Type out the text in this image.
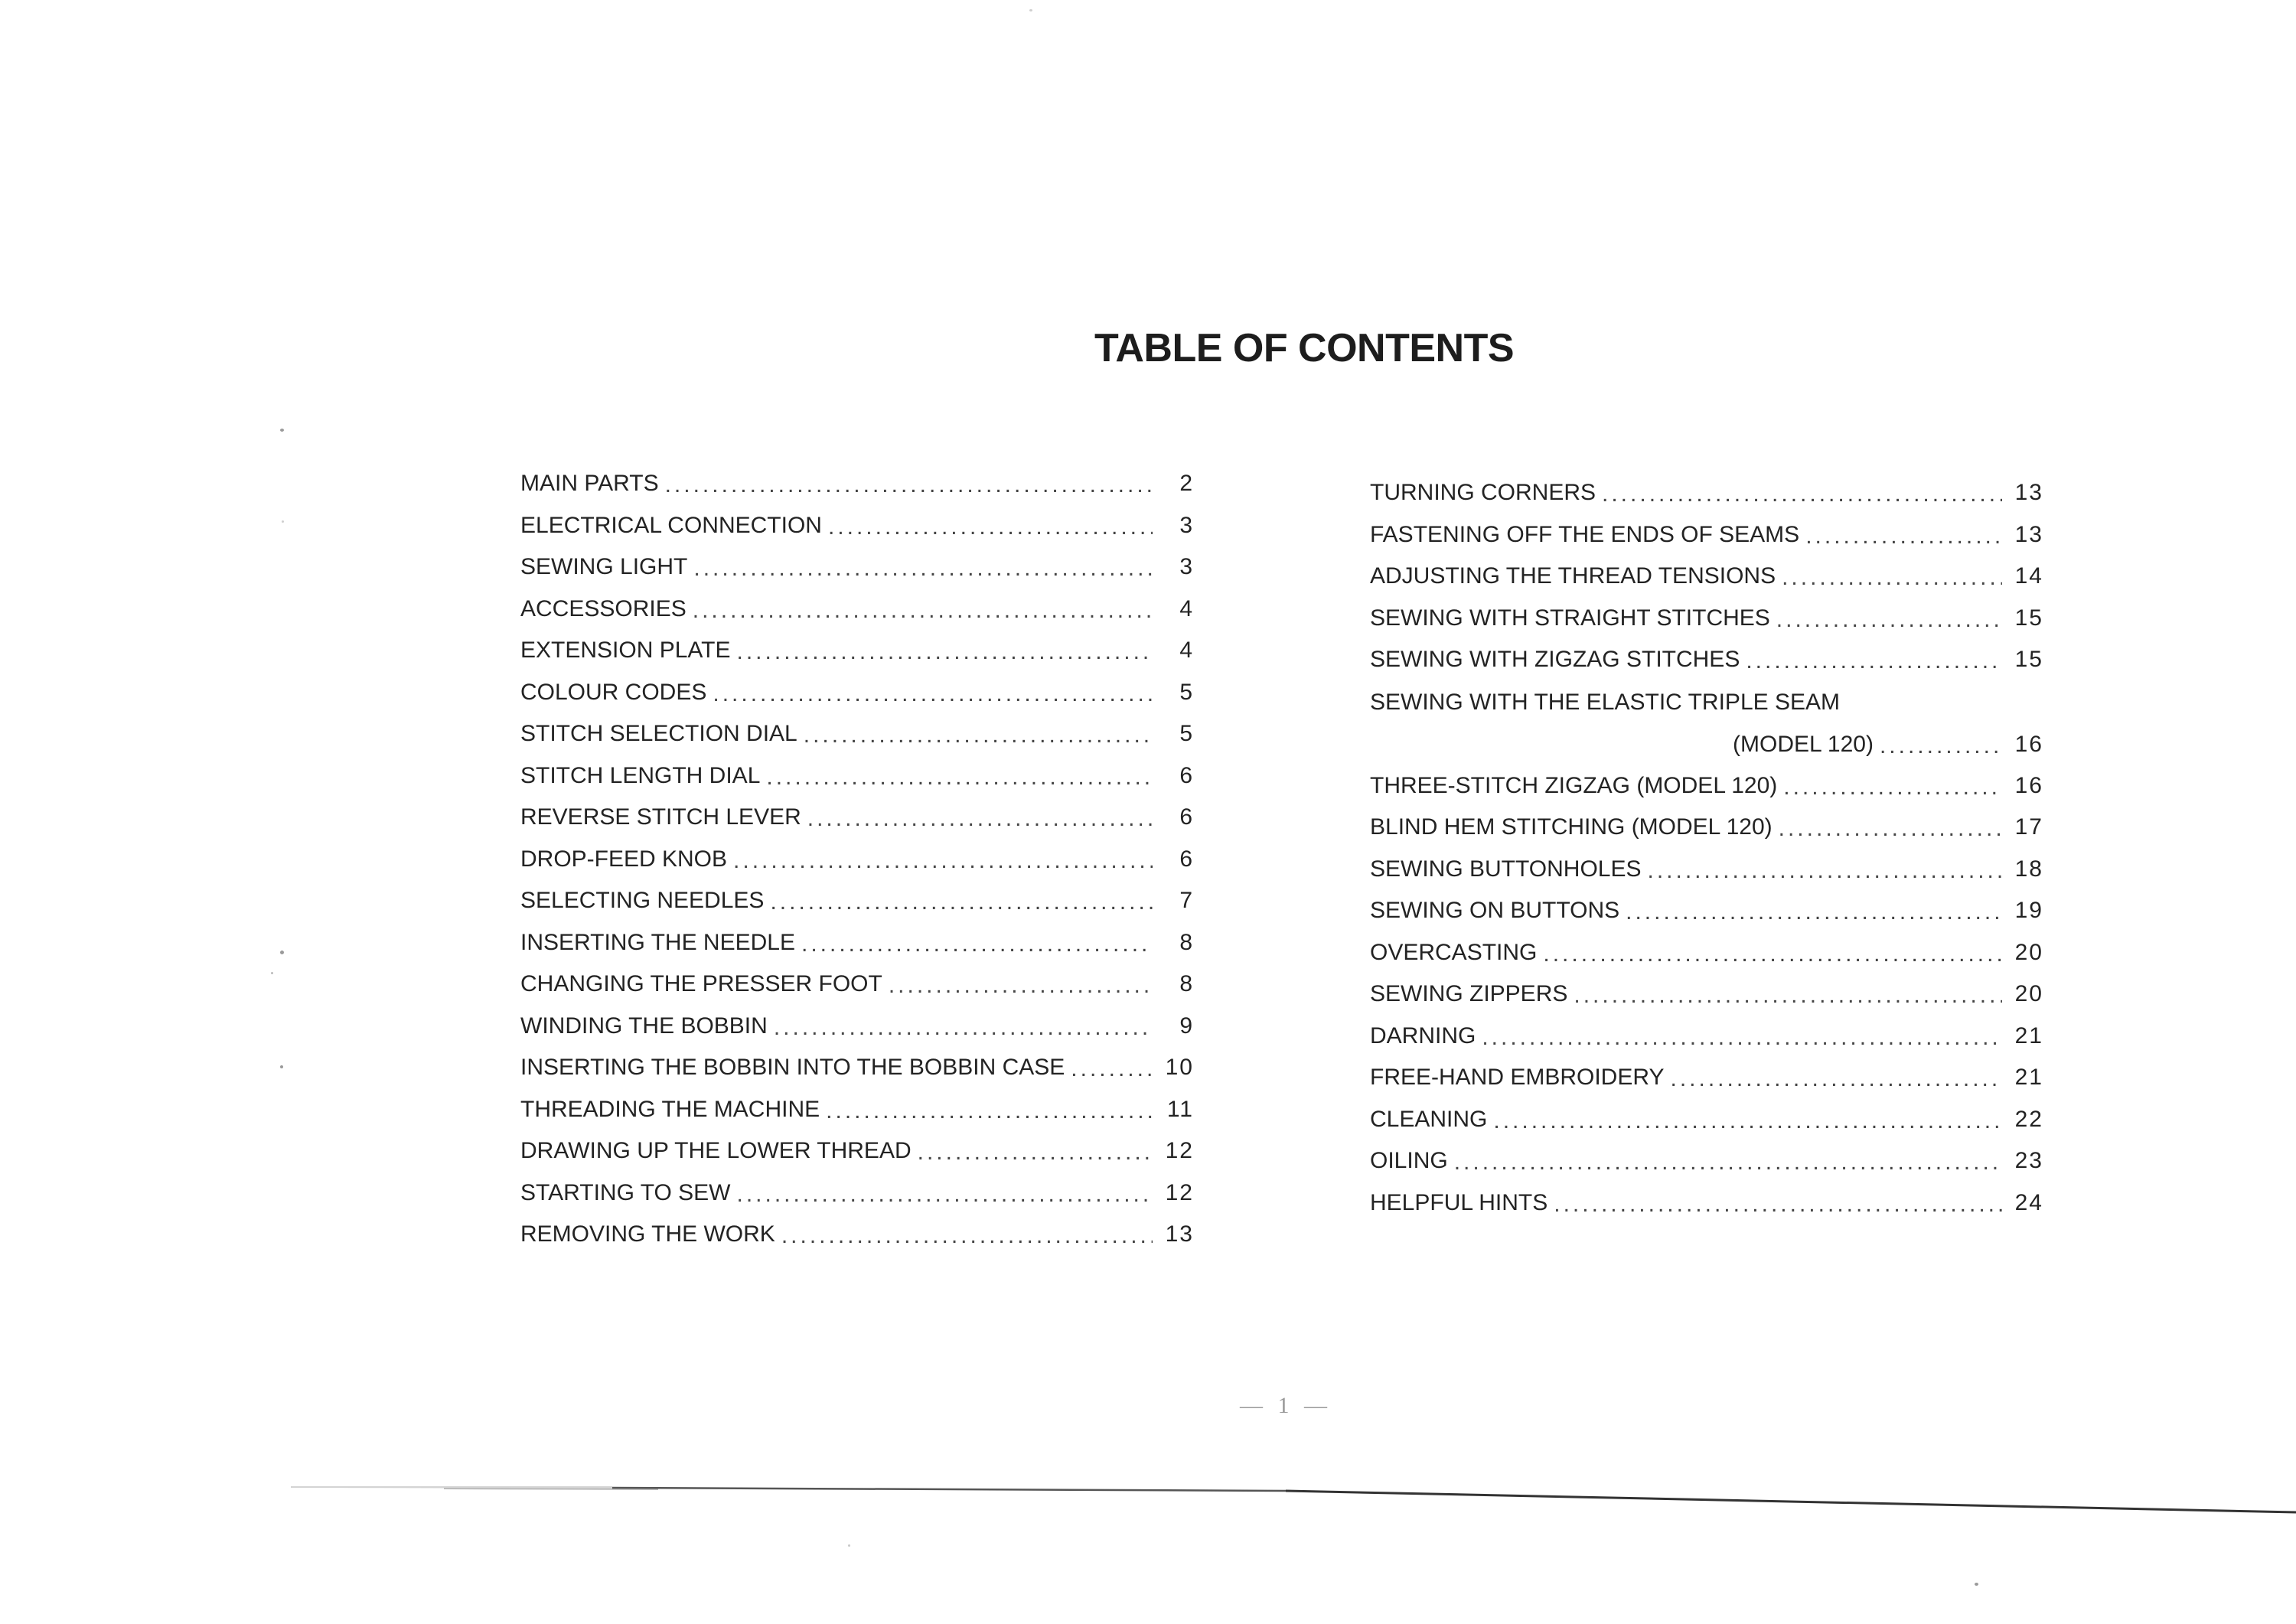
TABLE OF CONTENTS
MAIN PARTS .....	2
ELECTRICAL CONNECTION .....	3
SEWING LIGHT .....	3
ACCESSORIES .....	4
EXTENSION PLATE .....	4
COLOUR CODES .....	5
STITCH SELECTION DIAL .....	5
STITCH LENGTH DIAL .....	6
REVERSE STITCH LEVER .....	6
DROP-FEED KNOB .....	6
SELECTING NEEDLES .....	7
INSERTING THE NEEDLE .....	8
CHANGING THE PRESSER FOOT .....	8
WINDING THE BOBBIN .....	9
INSERTING THE BOBBIN INTO THE BOBBIN CASE .....	10
THREADING THE MACHINE .....	11
DRAWING UP THE LOWER THREAD .....	12
STARTING TO SEW .....	12
REMOVING THE WORK .....	13
TURNING CORNERS .....	13
FASTENING OFF THE ENDS OF SEAMS .....	13
ADJUSTING THE THREAD TENSIONS .....	14
SEWING WITH STRAIGHT STITCHES .....	15
SEWING WITH ZIGZAG STITCHES .....	15
SEWING WITH THE ELASTIC TRIPLE SEAM
(MODEL 120) .....	16
THREE-STITCH ZIGZAG (MODEL 120) .....	16
BLIND HEM STITCHING (MODEL 120) .....	17
SEWING BUTTONHOLES .....	18
SEWING ON BUTTONS .....	19
OVERCASTING .....	20
SEWING ZIPPERS .....	20
DARNING .....	21
FREE-HAND EMBROIDERY .....	21
CLEANING .....	22
OILING .....	23
HELPFUL HINTS .....	24
— 1 —
